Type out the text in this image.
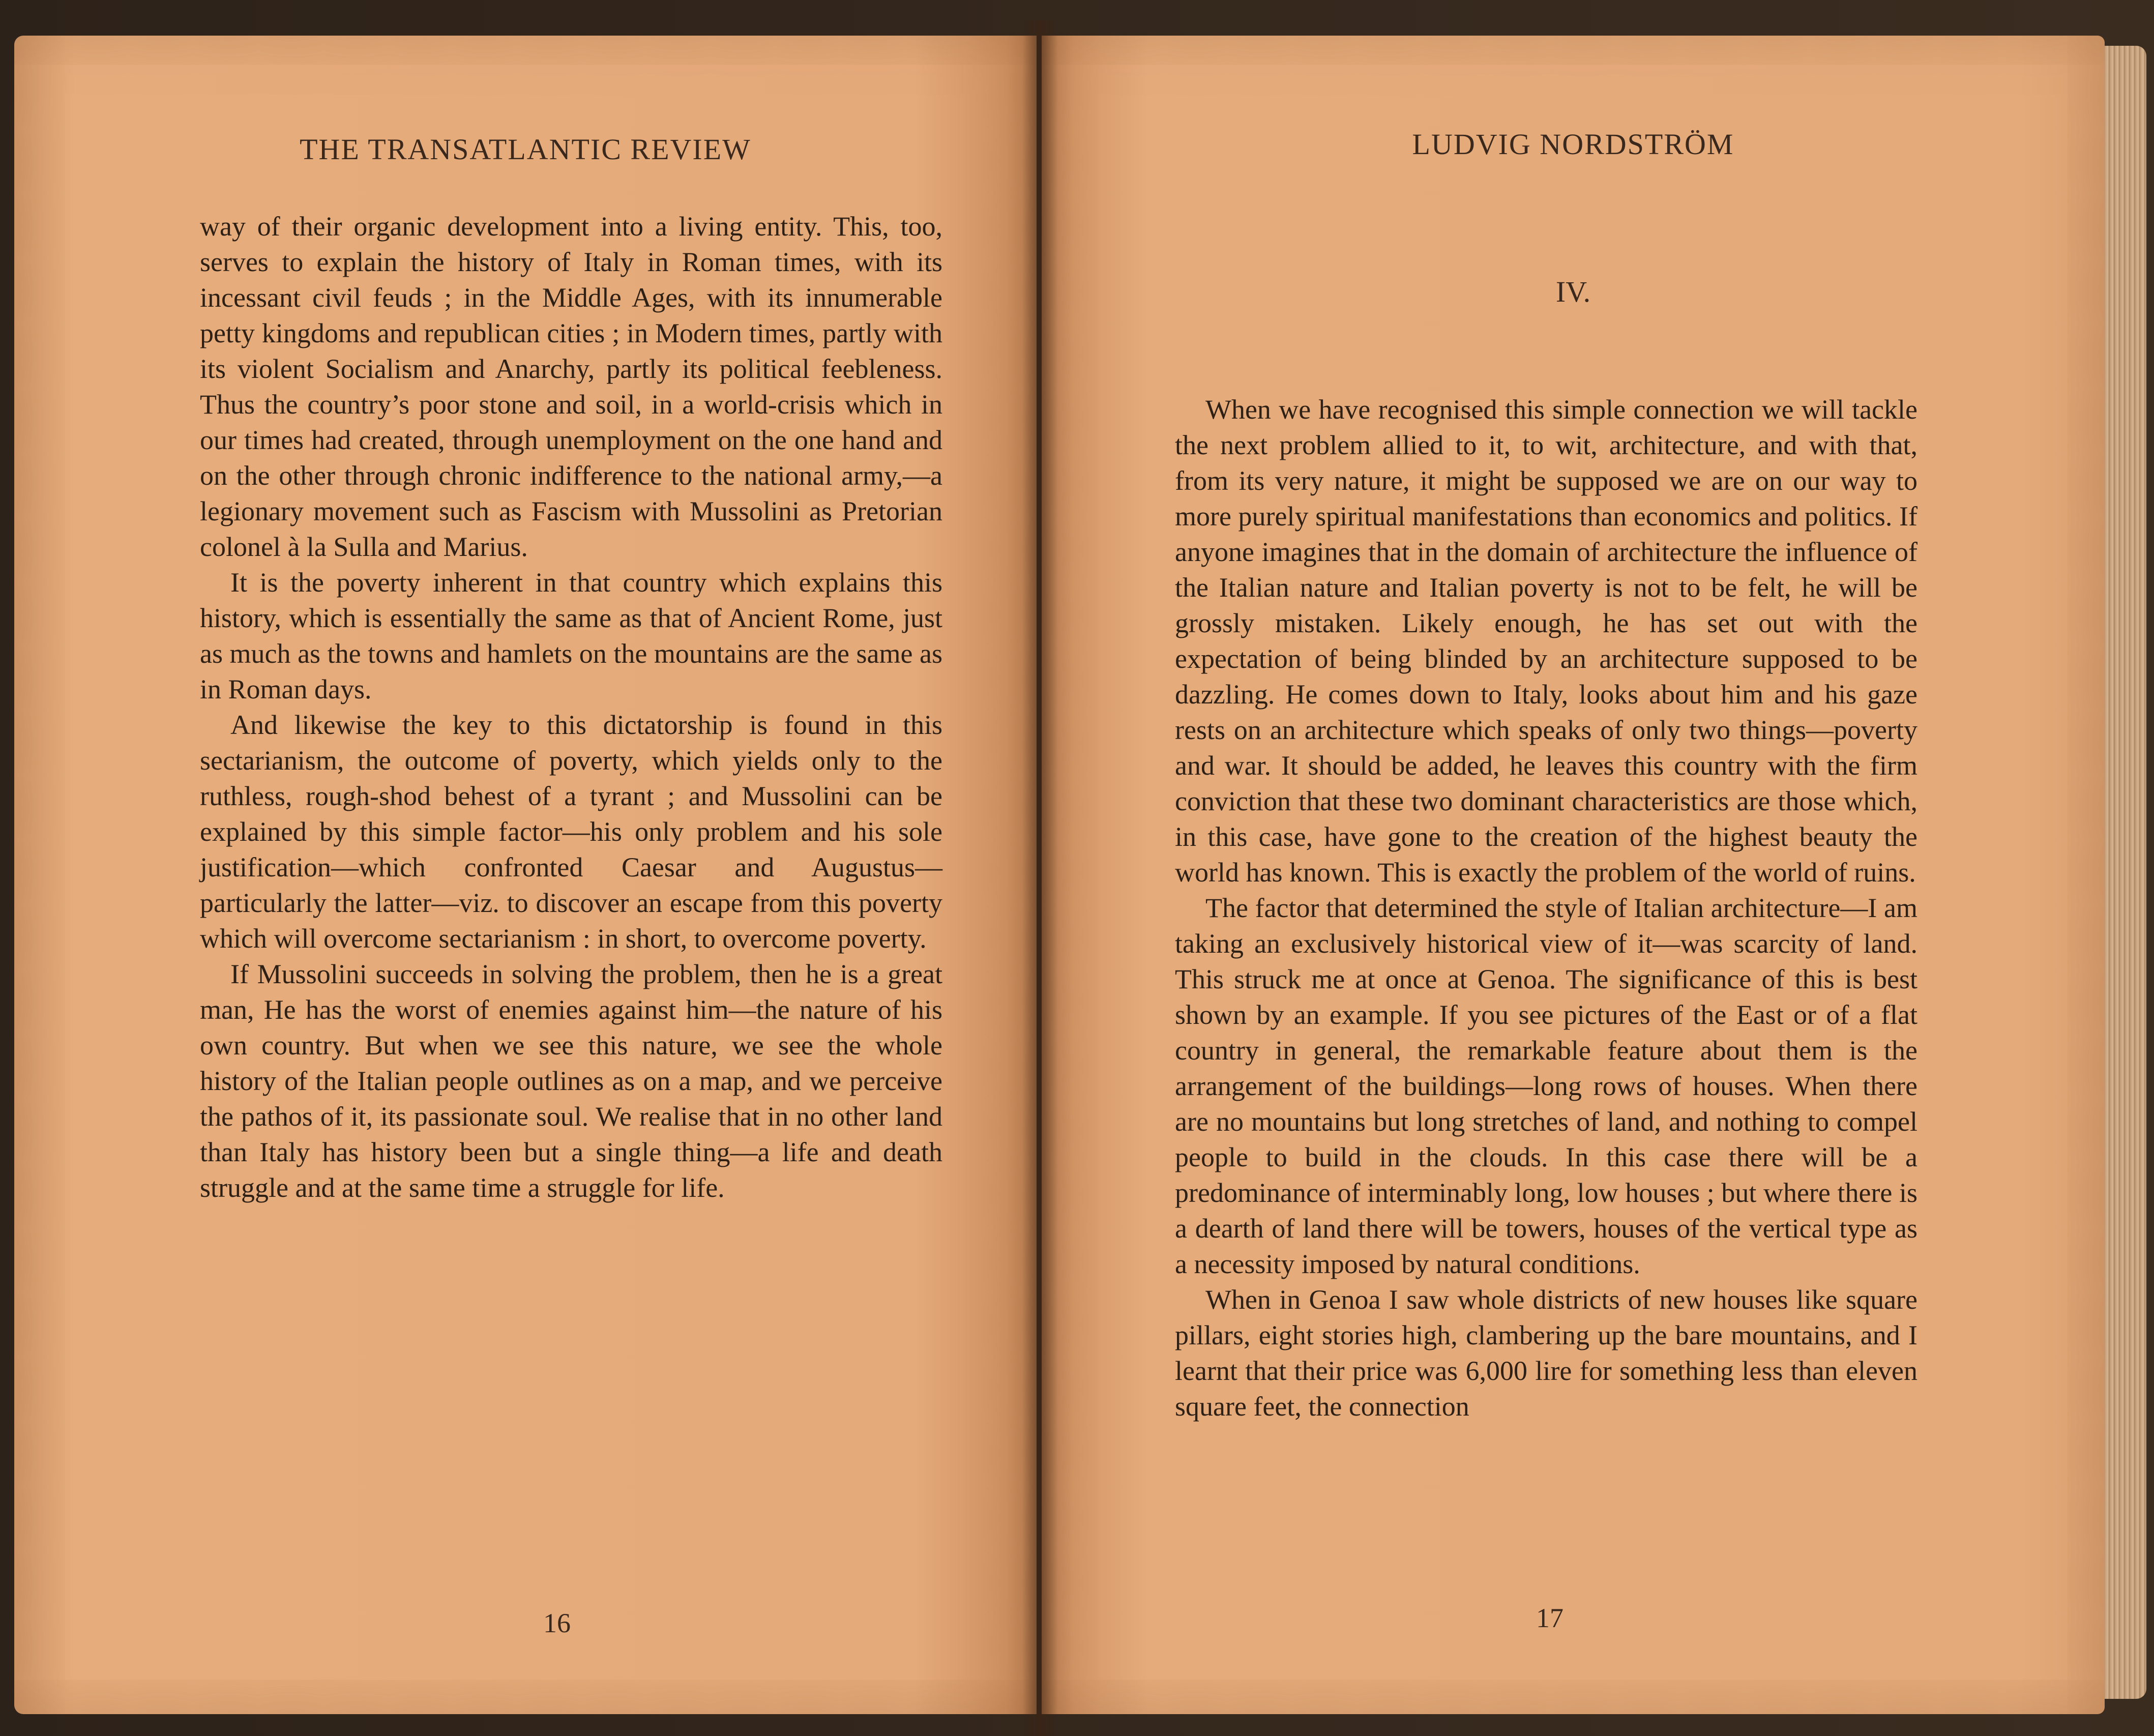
THE TRANSATLANTIC REVIEW

way of their organic development into a living entity. This, too, serves to explain the history of Italy in Roman times, with its incessant civil feuds ; in the Middle Ages, with its innumerable petty kingdoms and republican cities ; in Modern times, partly with its violent Socialism and Anarchy, partly its political feebleness. Thus the country’s poor stone and soil, in a world-crisis which in our times had created, through unemployment on the one hand and on the other through chronic indifference to the national army,—a legionary movement such as Fascism with Mussolini as Pretorian colonel à la Sulla and Marius.

It is the poverty inherent in that country which explains this history, which is essentially the same as that of Ancient Rome, just as much as the towns and hamlets on the mountains are the same as in Roman days.

And likewise the key to this dictatorship is found in this sectarianism, the outcome of poverty, which yields only to the ruthless, rough-shod behest of a tyrant ; and Mussolini can be explained by this simple factor—his only problem and his sole justification—which confronted Caesar and Augustus—particularly the latter—viz. to discover an escape from this poverty which will overcome sectarianism : in short, to overcome poverty.

If Mussolini succeeds in solving the problem, then he is a great man, He has the worst of enemies against him—the nature of his own country. But when we see this nature, we see the whole history of the Italian people outlines as on a map, and we perceive the pathos of it, its passionate soul. We realise that in no other land than Italy has history been but a single thing—a life and death struggle and at the same time a struggle for life.

16
LUDVIG NORDSTRÖM
IV.

When we have recognised this simple connection we will tackle the next problem allied to it, to wit, architecture, and with that, from its very nature, it might be supposed we are on our way to more purely spiritual manifestations than economics and politics. If anyone imagines that in the domain of architecture the influence of the Italian nature and Italian poverty is not to be felt, he will be grossly mistaken. Likely enough, he has set out with the expectation of being blinded by an architecture supposed to be dazzling. He comes down to Italy, looks about him and his gaze rests on an architecture which speaks of only two things—poverty and war. It should be added, he leaves this country with the firm conviction that these two dominant characteristics are those which, in this case, have gone to the creation of the highest beauty the world has known. This is exactly the problem of the world of ruins.

The factor that determined the style of Italian architecture—I am taking an exclusively historical view of it—was scarcity of land. This struck me at once at Genoa. The significance of this is best shown by an example. If you see pictures of the East or of a flat country in general, the remarkable feature about them is the arrangement of the buildings—long rows of houses. When there are no mountains but long stretches of land, and nothing to compel people to build in the clouds. In this case there will be a predominance of interminably long, low houses ; but where there is a dearth of land there will be towers, houses of the vertical type as a necessity imposed by natural conditions.

When in Genoa I saw whole districts of new houses like square pillars, eight stories high, clambering up the bare mountains, and I learnt that their price was 6,000 lire for something less than eleven square feet, the connection

17
